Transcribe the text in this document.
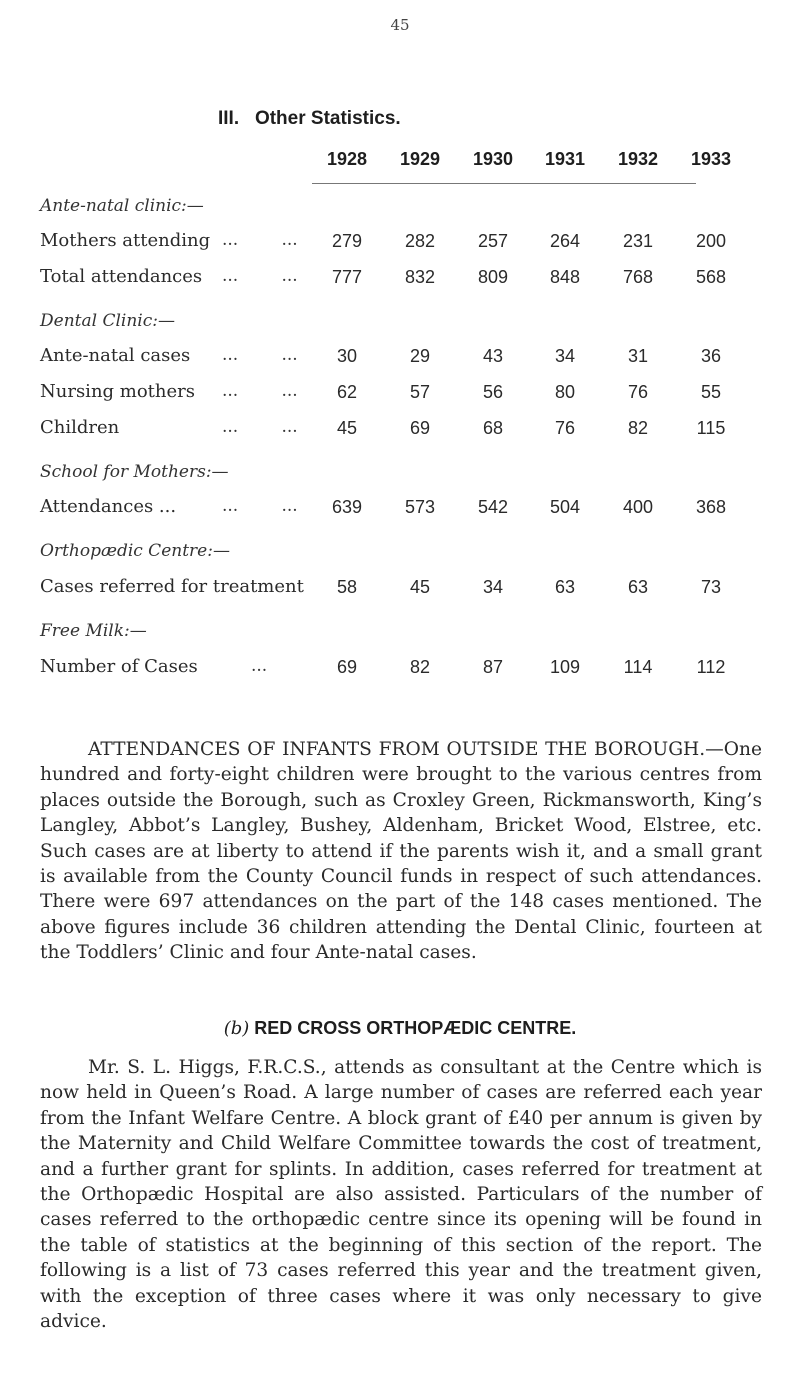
45
III.   Other Statistics.
1928	1929	1930	1931	1932	1933
Ante-natal clinic:—
Mothers attending ...        ...	279	282	257	264	231	200
Total attendances ...        ...	777	832	809	848	768	568
Dental Clinic:—
Ante-natal cases ...        ...	30	29	43	34	31	36
Nursing mothers ...        ...	62	57	56	80	76	55
Children	...        ...	45	69	68	76	82	115
School for Mothers:—
Attendances ...	...        ...	639	573	542	504	400	368
Orthopædic Centre:—
Cases referred for treatment	58	45	34	63	63	73
Free Milk:—
Number of Cases	...	69	82	87	109	114	112

ATTENDANCES OF INFANTS FROM OUTSIDE THE BOROUGH.—One hundred and forty-eight children were brought to the various centres from places outside the Borough, such as Croxley Green, Rickmansworth, King’s Langley, Abbot’s Langley, Bushey, Aldenham, Bricket Wood, Elstree, etc. Such cases are at liberty to attend if the parents wish it, and a small grant is available from the County Council funds in respect of such attendances. There were 697 attendances on the part of the 148 cases mentioned. The above figures include 36 children attending the Dental Clinic, fourteen at the Toddlers’ Clinic and four Ante-natal cases.

(b) RED CROSS ORTHOPÆDIC CENTRE.

Mr. S. L. Higgs, F.R.C.S., attends as consultant at the Centre which is now held in Queen’s Road. A large number of cases are referred each year from the Infant Welfare Centre. A block grant of £40 per annum is given by the Maternity and Child Welfare Committee towards the cost of treatment, and a further grant for splints. In addition, cases referred for treatment at the Orthopædic Hospital are also assisted. Particulars of the number of cases referred to the orthopædic centre since its opening will be found in the table of statistics at the beginning of this section of the report. The following is a list of 73 cases referred this year and the treatment given, with the exception of three cases where it was only necessary to give advice.
